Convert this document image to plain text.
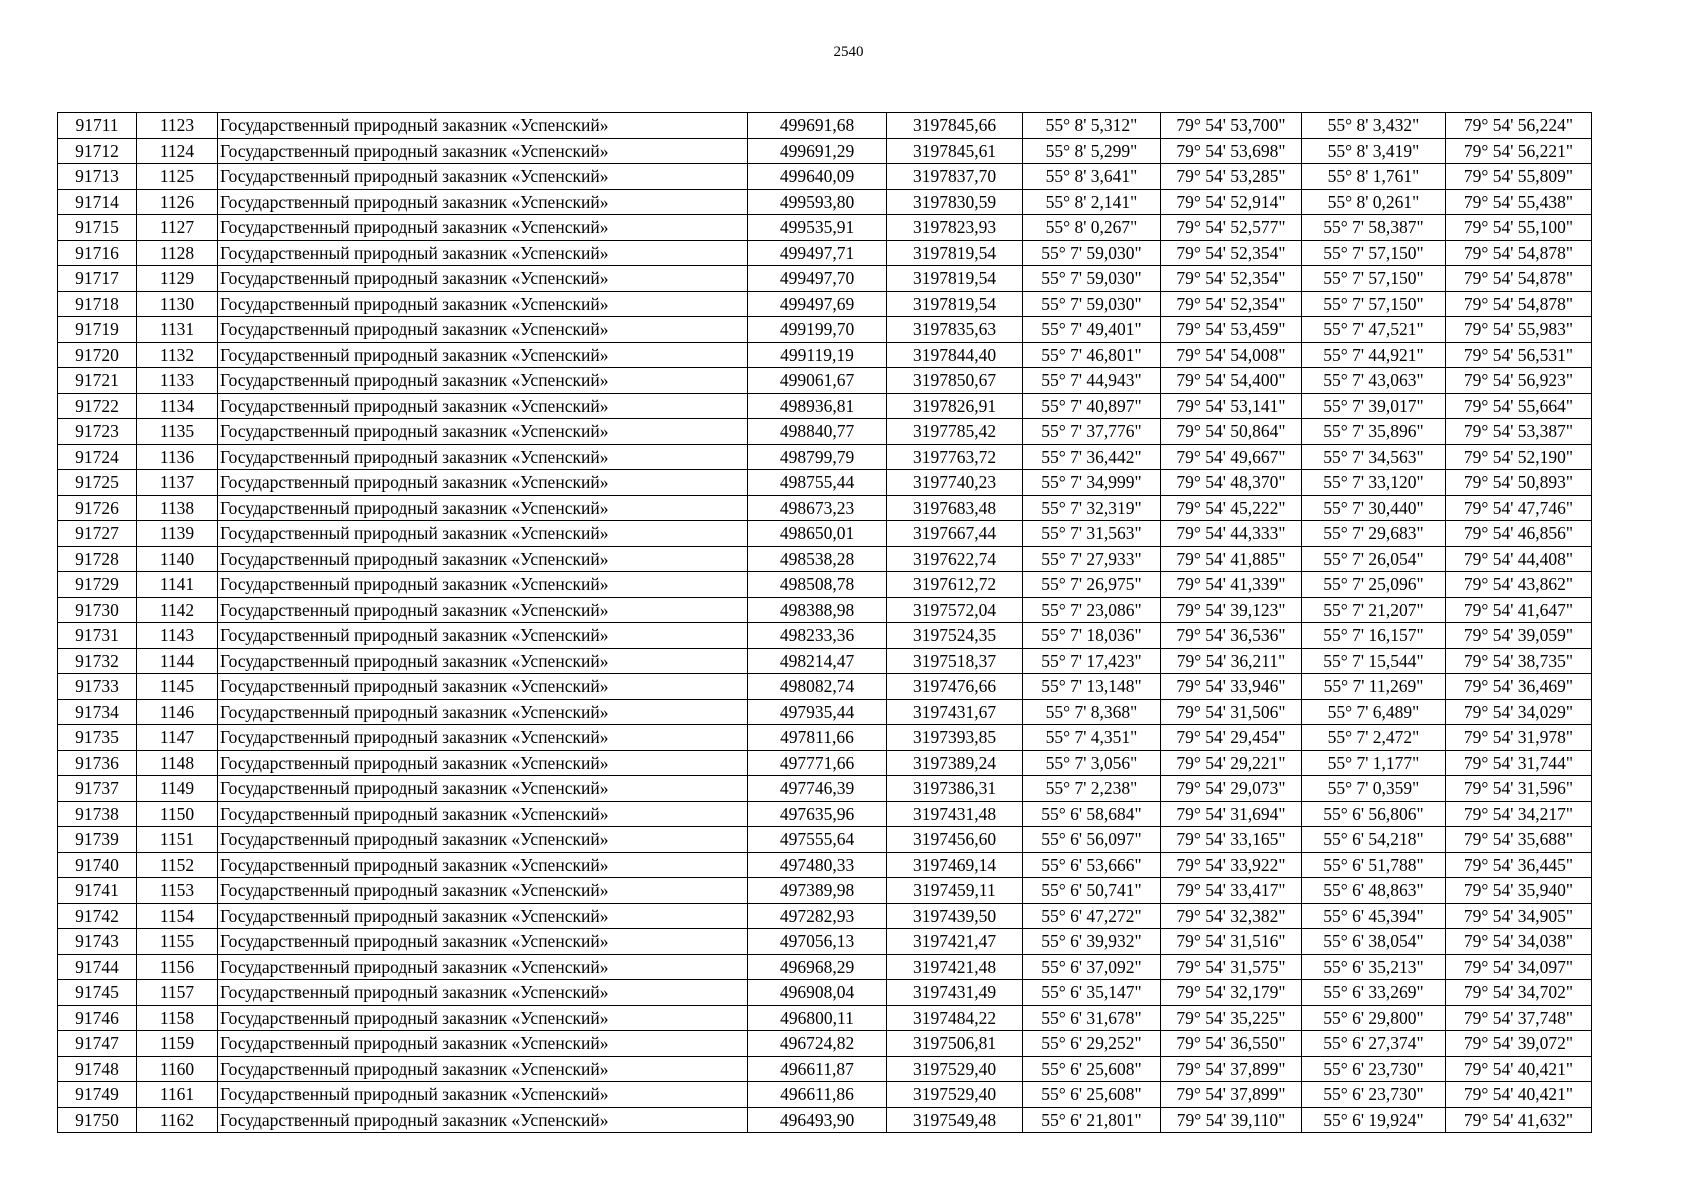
2540
91711	1123	Государственный природный заказник «Успенский»	499691,68	3197845,66	55° 8' 5,312"	79° 54' 53,700"	55° 8' 3,432"	79° 54' 56,224"
91712	1124	Государственный природный заказник «Успенский»	499691,29	3197845,61	55° 8' 5,299"	79° 54' 53,698"	55° 8' 3,419"	79° 54' 56,221"
91713	1125	Государственный природный заказник «Успенский»	499640,09	3197837,70	55° 8' 3,641"	79° 54' 53,285"	55° 8' 1,761"	79° 54' 55,809"
91714	1126	Государственный природный заказник «Успенский»	499593,80	3197830,59	55° 8' 2,141"	79° 54' 52,914"	55° 8' 0,261"	79° 54' 55,438"
91715	1127	Государственный природный заказник «Успенский»	499535,91	3197823,93	55° 8' 0,267"	79° 54' 52,577"	55° 7' 58,387"	79° 54' 55,100"
91716	1128	Государственный природный заказник «Успенский»	499497,71	3197819,54	55° 7' 59,030"	79° 54' 52,354"	55° 7' 57,150"	79° 54' 54,878"
91717	1129	Государственный природный заказник «Успенский»	499497,70	3197819,54	55° 7' 59,030"	79° 54' 52,354"	55° 7' 57,150"	79° 54' 54,878"
91718	1130	Государственный природный заказник «Успенский»	499497,69	3197819,54	55° 7' 59,030"	79° 54' 52,354"	55° 7' 57,150"	79° 54' 54,878"
91719	1131	Государственный природный заказник «Успенский»	499199,70	3197835,63	55° 7' 49,401"	79° 54' 53,459"	55° 7' 47,521"	79° 54' 55,983"
91720	1132	Государственный природный заказник «Успенский»	499119,19	3197844,40	55° 7' 46,801"	79° 54' 54,008"	55° 7' 44,921"	79° 54' 56,531"
91721	1133	Государственный природный заказник «Успенский»	499061,67	3197850,67	55° 7' 44,943"	79° 54' 54,400"	55° 7' 43,063"	79° 54' 56,923"
91722	1134	Государственный природный заказник «Успенский»	498936,81	3197826,91	55° 7' 40,897"	79° 54' 53,141"	55° 7' 39,017"	79° 54' 55,664"
91723	1135	Государственный природный заказник «Успенский»	498840,77	3197785,42	55° 7' 37,776"	79° 54' 50,864"	55° 7' 35,896"	79° 54' 53,387"
91724	1136	Государственный природный заказник «Успенский»	498799,79	3197763,72	55° 7' 36,442"	79° 54' 49,667"	55° 7' 34,563"	79° 54' 52,190"
91725	1137	Государственный природный заказник «Успенский»	498755,44	3197740,23	55° 7' 34,999"	79° 54' 48,370"	55° 7' 33,120"	79° 54' 50,893"
91726	1138	Государственный природный заказник «Успенский»	498673,23	3197683,48	55° 7' 32,319"	79° 54' 45,222"	55° 7' 30,440"	79° 54' 47,746"
91727	1139	Государственный природный заказник «Успенский»	498650,01	3197667,44	55° 7' 31,563"	79° 54' 44,333"	55° 7' 29,683"	79° 54' 46,856"
91728	1140	Государственный природный заказник «Успенский»	498538,28	3197622,74	55° 7' 27,933"	79° 54' 41,885"	55° 7' 26,054"	79° 54' 44,408"
91729	1141	Государственный природный заказник «Успенский»	498508,78	3197612,72	55° 7' 26,975"	79° 54' 41,339"	55° 7' 25,096"	79° 54' 43,862"
91730	1142	Государственный природный заказник «Успенский»	498388,98	3197572,04	55° 7' 23,086"	79° 54' 39,123"	55° 7' 21,207"	79° 54' 41,647"
91731	1143	Государственный природный заказник «Успенский»	498233,36	3197524,35	55° 7' 18,036"	79° 54' 36,536"	55° 7' 16,157"	79° 54' 39,059"
91732	1144	Государственный природный заказник «Успенский»	498214,47	3197518,37	55° 7' 17,423"	79° 54' 36,211"	55° 7' 15,544"	79° 54' 38,735"
91733	1145	Государственный природный заказник «Успенский»	498082,74	3197476,66	55° 7' 13,148"	79° 54' 33,946"	55° 7' 11,269"	79° 54' 36,469"
91734	1146	Государственный природный заказник «Успенский»	497935,44	3197431,67	55° 7' 8,368"	79° 54' 31,506"	55° 7' 6,489"	79° 54' 34,029"
91735	1147	Государственный природный заказник «Успенский»	497811,66	3197393,85	55° 7' 4,351"	79° 54' 29,454"	55° 7' 2,472"	79° 54' 31,978"
91736	1148	Государственный природный заказник «Успенский»	497771,66	3197389,24	55° 7' 3,056"	79° 54' 29,221"	55° 7' 1,177"	79° 54' 31,744"
91737	1149	Государственный природный заказник «Успенский»	497746,39	3197386,31	55° 7' 2,238"	79° 54' 29,073"	55° 7' 0,359"	79° 54' 31,596"
91738	1150	Государственный природный заказник «Успенский»	497635,96	3197431,48	55° 6' 58,684"	79° 54' 31,694"	55° 6' 56,806"	79° 54' 34,217"
91739	1151	Государственный природный заказник «Успенский»	497555,64	3197456,60	55° 6' 56,097"	79° 54' 33,165"	55° 6' 54,218"	79° 54' 35,688"
91740	1152	Государственный природный заказник «Успенский»	497480,33	3197469,14	55° 6' 53,666"	79° 54' 33,922"	55° 6' 51,788"	79° 54' 36,445"
91741	1153	Государственный природный заказник «Успенский»	497389,98	3197459,11	55° 6' 50,741"	79° 54' 33,417"	55° 6' 48,863"	79° 54' 35,940"
91742	1154	Государственный природный заказник «Успенский»	497282,93	3197439,50	55° 6' 47,272"	79° 54' 32,382"	55° 6' 45,394"	79° 54' 34,905"
91743	1155	Государственный природный заказник «Успенский»	497056,13	3197421,47	55° 6' 39,932"	79° 54' 31,516"	55° 6' 38,054"	79° 54' 34,038"
91744	1156	Государственный природный заказник «Успенский»	496968,29	3197421,48	55° 6' 37,092"	79° 54' 31,575"	55° 6' 35,213"	79° 54' 34,097"
91745	1157	Государственный природный заказник «Успенский»	496908,04	3197431,49	55° 6' 35,147"	79° 54' 32,179"	55° 6' 33,269"	79° 54' 34,702"
91746	1158	Государственный природный заказник «Успенский»	496800,11	3197484,22	55° 6' 31,678"	79° 54' 35,225"	55° 6' 29,800"	79° 54' 37,748"
91747	1159	Государственный природный заказник «Успенский»	496724,82	3197506,81	55° 6' 29,252"	79° 54' 36,550"	55° 6' 27,374"	79° 54' 39,072"
91748	1160	Государственный природный заказник «Успенский»	496611,87	3197529,40	55° 6' 25,608"	79° 54' 37,899"	55° 6' 23,730"	79° 54' 40,421"
91749	1161	Государственный природный заказник «Успенский»	496611,86	3197529,40	55° 6' 25,608"	79° 54' 37,899"	55° 6' 23,730"	79° 54' 40,421"
91750	1162	Государственный природный заказник «Успенский»	496493,90	3197549,48	55° 6' 21,801"	79° 54' 39,110"	55° 6' 19,924"	79° 54' 41,632"
